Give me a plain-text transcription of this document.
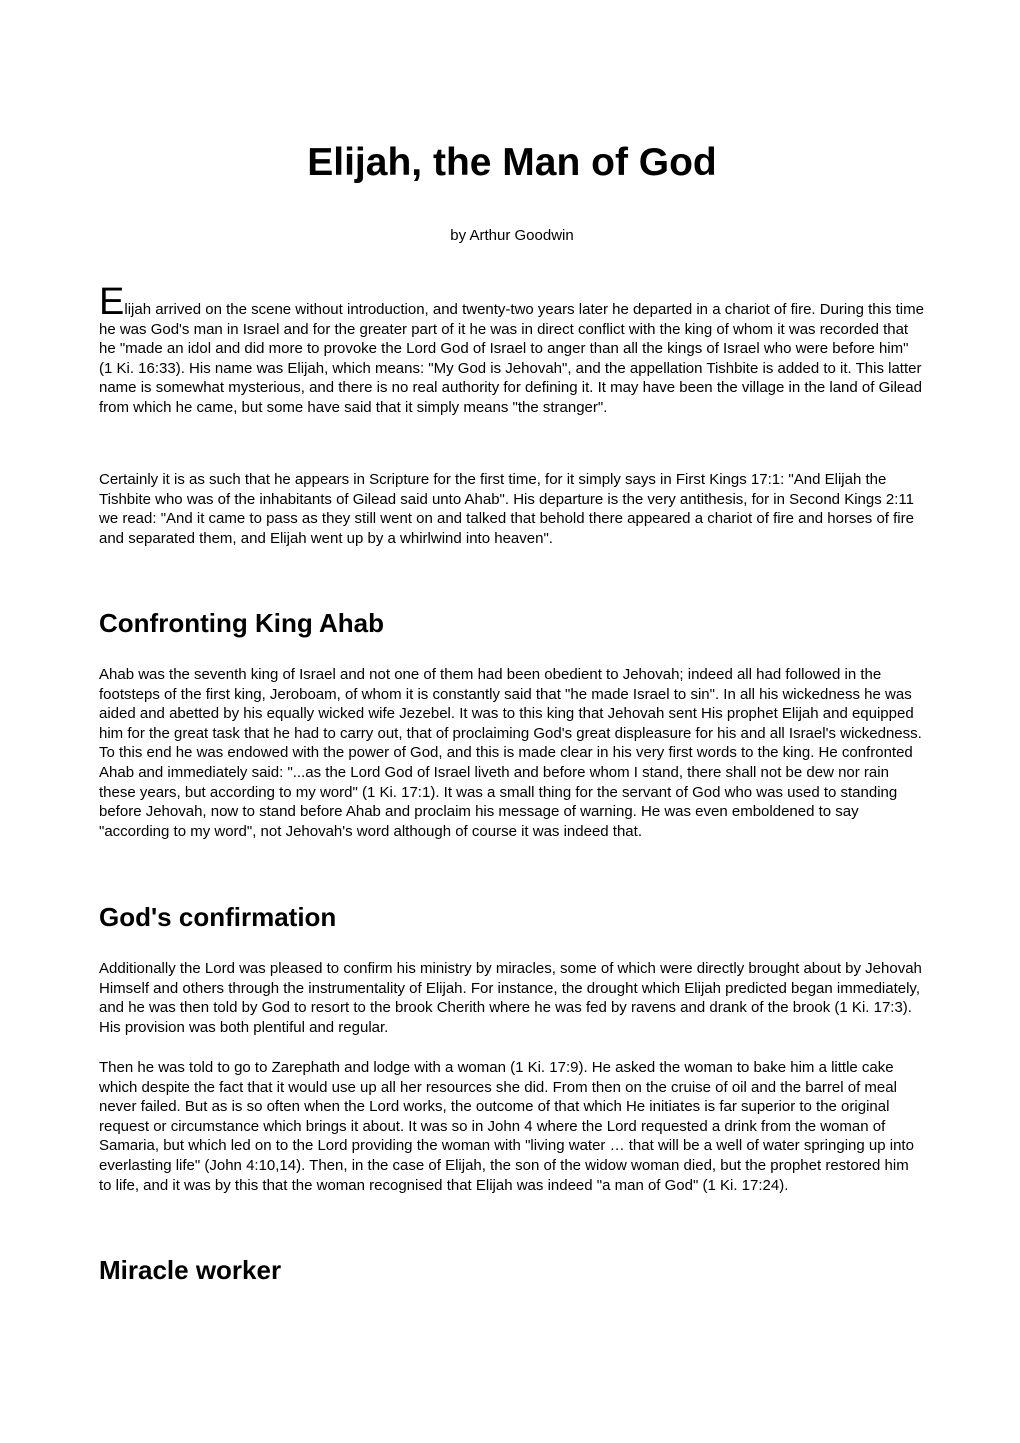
Elijah, the Man of God

by Arthur Goodwin

Elijah arrived on the scene without introduction, and twenty-two years later he departed in a chariot of fire. During this time he was God's man in Israel and for the greater part of it he was in direct conflict with the king of whom it was recorded that he "made an idol and did more to provoke the Lord God of Israel to anger than all the kings of Israel who were before him" (1 Ki. 16:33). His name was Elijah, which means: "My God is Jehovah", and the appellation Tishbite is added to it. This latter name is somewhat mysterious, and there is no real authority for defining it. It may have been the village in the land of Gilead from which he came, but some have said that it simply means "the stranger".

Certainly it is as such that he appears in Scripture for the first time, for it simply says in First Kings 17:1: "And Elijah the Tishbite who was of the inhabitants of Gilead said unto Ahab". His departure is the very antithesis, for in Second Kings 2:11 we read: "And it came to pass as they still went on and talked that behold there appeared a chariot of fire and horses of fire and separated them, and Elijah went up by a whirlwind into heaven".

Confronting King Ahab

Ahab was the seventh king of Israel and not one of them had been obedient to Jehovah; indeed all had followed in the footsteps of the first king, Jeroboam, of whom it is constantly said that "he made Israel to sin". In all his wickedness he was aided and abetted by his equally wicked wife Jezebel. It was to this king that Jehovah sent His prophet Elijah and equipped him for the great task that he had to carry out, that of proclaiming God's great displeasure for his and all Israel's wickedness. To this end he was endowed with the power of God, and this is made clear in his very first words to the king. He confronted Ahab and immediately said: "...as the Lord God of Israel liveth and before whom I stand, there shall not be dew nor rain these years, but according to my word" (1 Ki. 17:1). It was a small thing for the servant of God who was used to standing before Jehovah, now to stand before Ahab and proclaim his message of warning. He was even emboldened to say "according to my word", not Jehovah's word although of course it was indeed that.

God's confirmation

Additionally the Lord was pleased to confirm his ministry by miracles, some of which were directly brought about by Jehovah Himself and others through the instrumentality of Elijah. For instance, the drought which Elijah predicted began immediately, and he was then told by God to resort to the brook Cherith where he was fed by ravens and drank of the brook (1 Ki. 17:3). His provision was both plentiful and regular.

Then he was told to go to Zarephath and lodge with a woman (1 Ki. 17:9). He asked the woman to bake him a little cake which despite the fact that it would use up all her resources she did. From then on the cruise of oil and the barrel of meal never failed. But as is so often when the Lord works, the outcome of that which He initiates is far superior to the original request or circumstance which brings it about. It was so in John 4 where the Lord requested a drink from the woman of Samaria, but which led on to the Lord providing the woman with "living water … that will be a well of water springing up into everlasting life" (John 4:10,14). Then, in the case of Elijah, the son of the widow woman died, but the prophet restored him to life, and it was by this that the woman recognised that Elijah was indeed "a man of God" (1 Ki. 17:24).

Miracle worker
